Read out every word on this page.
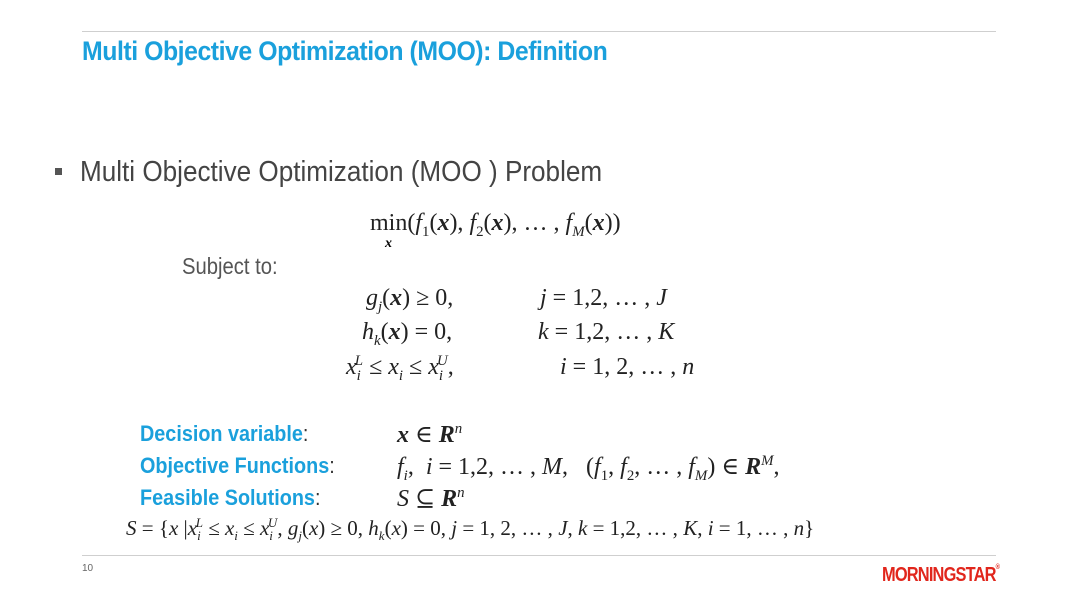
Multi Objective Optimization (MOO): Definition
Multi Objective Optimization (MOO ) Problem
$\min(f_1(x)$, $f_2(x)$, … , $f_M(x)$)
x
Subject to:
$g_j(x) \ge 0$,	j = 1,2, … , J
$h_k(x) = 0$,	k = 1,2, … , K
$x_i^L \le x_i \le x_i^U$,	i = 1, 2, … , n
Decision variable:	x ∈ $R^n$
Objective Functions:	$f_i$,  i = 1,2, … , M,   ($f_1$, $f_2$, … , $f_M$) ∈ $R^M$,
Feasible Solutions:	S ⊆ $R^n$
S = {x $|x_i^L \le x_i \le x_i^U$, $g_j(x) \ge 0$, $h_k(x) = 0$, j = 1, 2, … , J, k = 1,2, … , K, i = 1, … , n}
10	MORNINGSTAR®
